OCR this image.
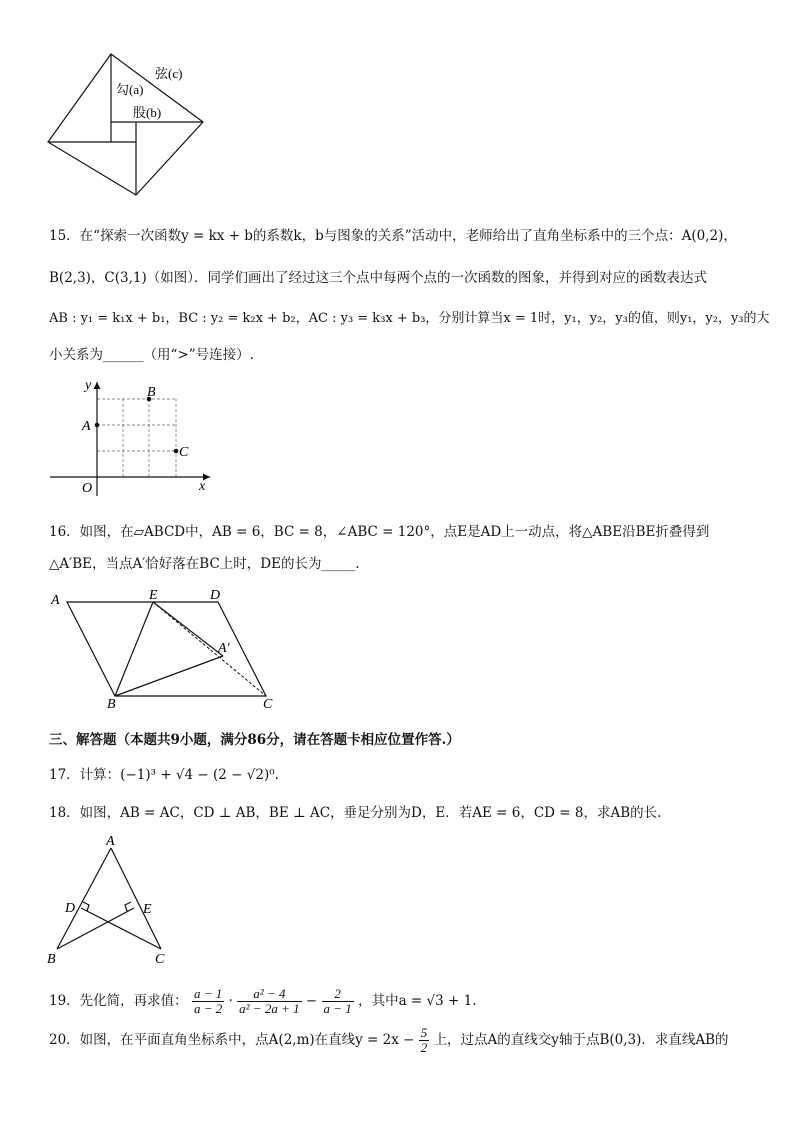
弦(c)
勾(a)
股(b)
15．在“探索一次函数y = kx + b的系数k，b与图象的关系”活动中，老师给出了直角坐标系中的三个点：A(0,2)，
B(2,3)，C(3,1)（如图）．同学们画出了经过这三个点中每两个点的一次函数的图象，并得到对应的函数表达式
AB : y₁ = k₁x + b₁，BC : y₂ = k₂x + b₂，AC : y₃ = k₃x + b₃，分别计算当x = 1时，y₁，y₂，y₃的值，则y₁，y₂，y₃的大
小关系为______（用“>”号连接）.
y
x
O
A
B
C
16．如图，在▱ABCD中，AB = 6，BC = 8，∠ABC = 120°，点E是AD上一动点，将△ABE沿BE折叠得到
△A′BE，当点A′恰好落在BC上时，DE的长为_____.
A	E	D
A′
B	C
三、解答题（本题共9小题，满分86分，请在答题卡相应位置作答.）
17．计算：(−1)³ + √4 − (2 − √2)⁰.
18．如图，AB = AC，CD ⊥ AB，BE ⊥ AC，垂足分别为D，E．若AE = 6，CD = 8，求AB的长.
A
D	E
B	C
19．先化简，再求值： $\frac{a - 1}{a - 2} \cdot \frac{\text{a² − 4}}{\text{a² − 2a + 1}} - \frac{2}{a - 1}$ ，其中a = √3 + 1.
20．如图，在平面直角坐标系中，点A(2,m)在直线$y = 2x - \frac{5}{2}$ 上，过点A的直线交y轴于点B(0,3)．求直线AB的
